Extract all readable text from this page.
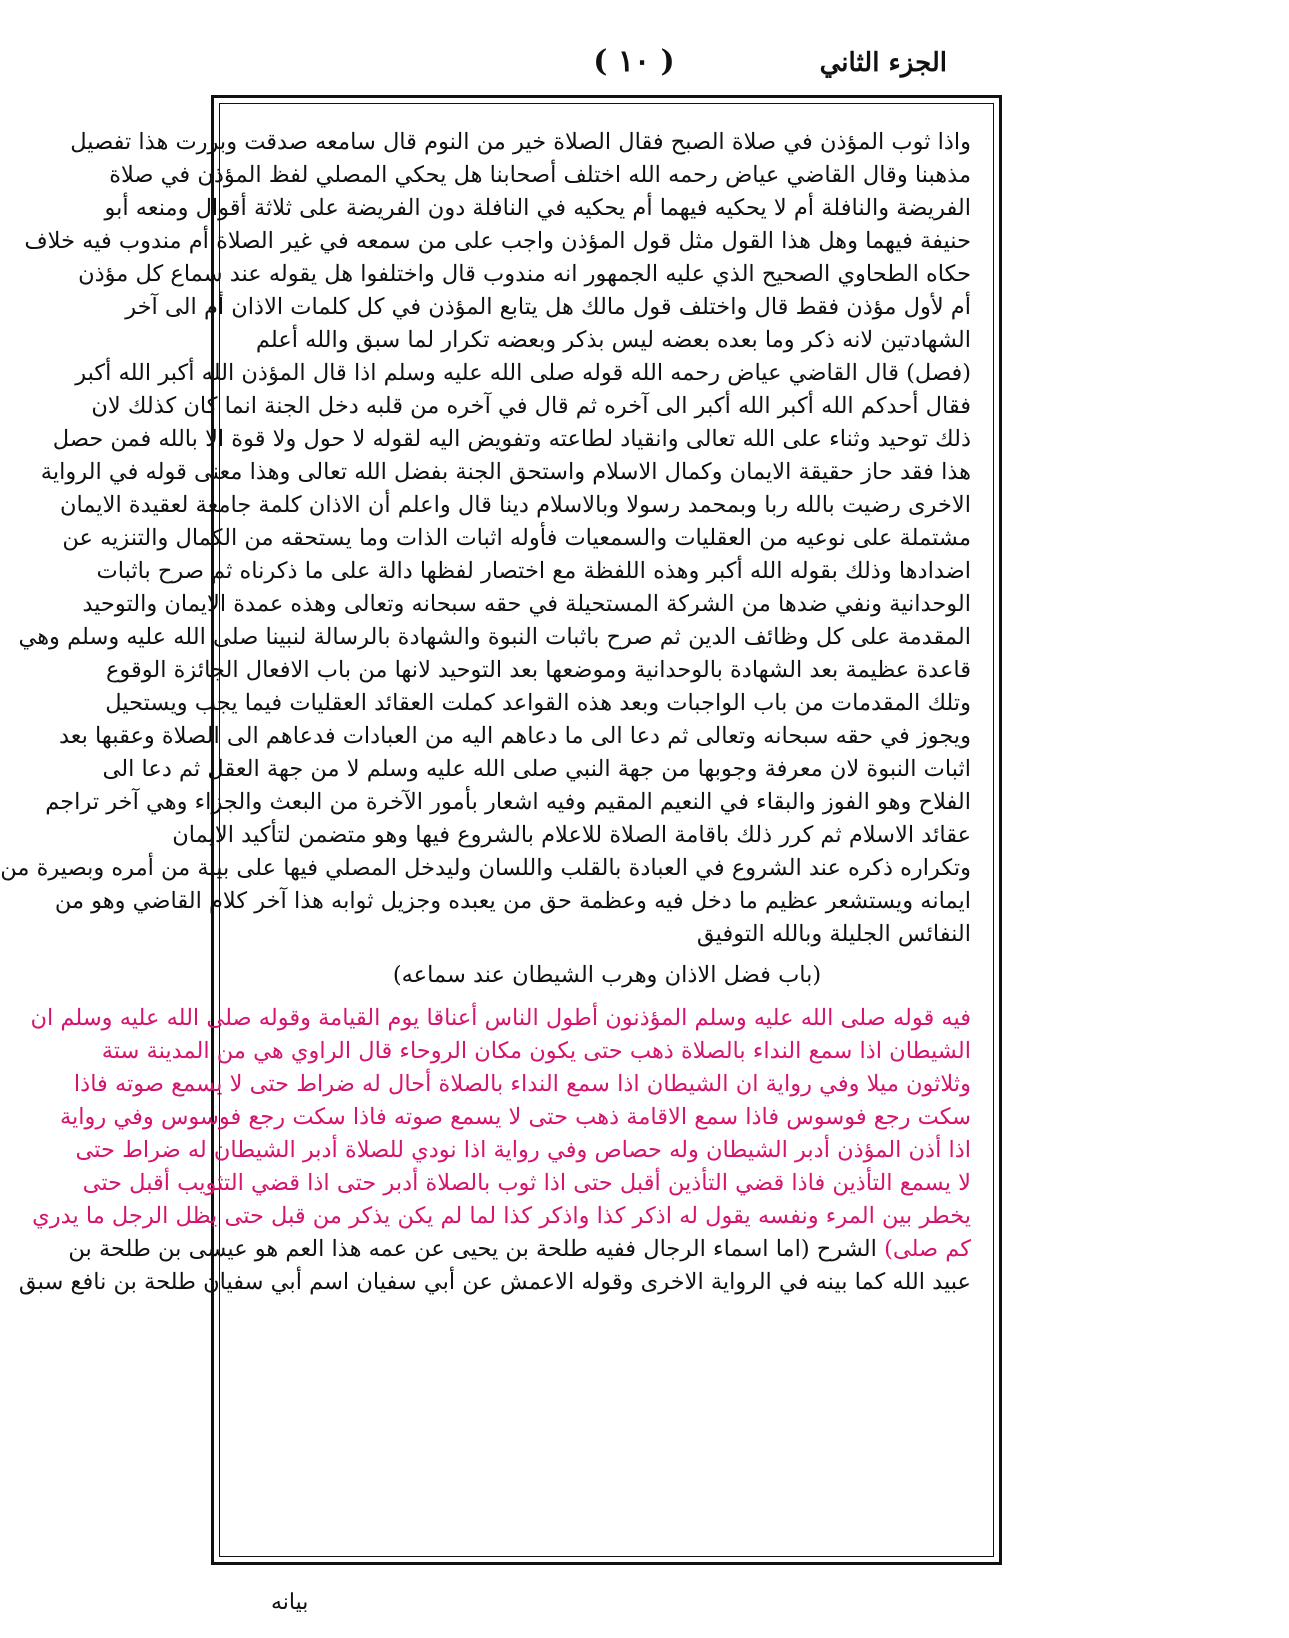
الجزء الثاني
( ١٠ )
واذا ثوب المؤذن في صلاة الصبح فقال الصلاة خير من النوم قال سامعه صدقت وبررت هذا تفصيل
مذهبنا وقال القاضي عياض رحمه الله اختلف أصحابنا هل يحكي المصلي لفظ المؤذن في صلاة
الفريضة والنافلة أم لا يحكيه فيهما أم يحكيه في النافلة دون الفريضة على ثلاثة أقوال ومنعه أبو
حنيفة فيهما وهل هذا القول مثل قول المؤذن واجب على من سمعه في غير الصلاة أم مندوب فيه خلاف
حكاه الطحاوي الصحيح الذي عليه الجمهور انه مندوب قال واختلفوا هل يقوله عند سماع كل مؤذن
أم لأول مؤذن فقط قال واختلف قول مالك هل يتابع المؤذن في كل كلمات الاذان أم الى آخر
الشهادتين لانه ذكر وما بعده بعضه ليس بذكر وبعضه تكرار لما سبق والله أعلم
(فصل) قال القاضي عياض رحمه الله قوله صلى الله عليه وسلم اذا قال المؤذن الله أكبر الله أكبر
فقال أحدكم الله أكبر الله أكبر الى آخره ثم قال في آخره من قلبه دخل الجنة انما كان كذلك لان
ذلك توحيد وثناء على الله تعالى وانقياد لطاعته وتفويض اليه لقوله لا حول ولا قوة الا بالله فمن حصل
هذا فقد حاز حقيقة الايمان وكمال الاسلام واستحق الجنة بفضل الله تعالى وهذا معنى قوله في الرواية
الاخرى رضيت بالله ربا وبمحمد رسولا وبالاسلام دينا قال واعلم أن الاذان كلمة جامعة لعقيدة الايمان
مشتملة على نوعيه من العقليات والسمعيات فأوله اثبات الذات وما يستحقه من الكمال والتنزيه عن
اضدادها وذلك بقوله الله أكبر وهذه اللفظة مع اختصار لفظها دالة على ما ذكرناه ثم صرح باثبات
الوحدانية ونفي ضدها من الشركة المستحيلة في حقه سبحانه وتعالى وهذه عمدة الايمان والتوحيد
المقدمة على كل وظائف الدين ثم صرح باثبات النبوة والشهادة بالرسالة لنبينا صلى الله عليه وسلم وهي
قاعدة عظيمة بعد الشهادة بالوحدانية وموضعها بعد التوحيد لانها من باب الافعال الجائزة الوقوع
وتلك المقدمات من باب الواجبات وبعد هذه القواعد كملت العقائد العقليات فيما يجب ويستحيل
ويجوز في حقه سبحانه وتعالى ثم دعا الى ما دعاهم اليه من العبادات فدعاهم الى الصلاة وعقبها بعد
اثبات النبوة لان معرفة وجوبها من جهة النبي صلى الله عليه وسلم لا من جهة العقل ثم دعا الى
الفلاح وهو الفوز والبقاء في النعيم المقيم وفيه اشعار بأمور الآخرة من البعث والجزاء وهي آخر تراجم
عقائد الاسلام ثم كرر ذلك باقامة الصلاة للاعلام بالشروع فيها وهو متضمن لتأكيد الايمان
وتكراره ذكره عند الشروع في العبادة بالقلب واللسان وليدخل المصلي فيها على بينة من أمره وبصيرة من
ايمانه ويستشعر عظيم ما دخل فيه وعظمة حق من يعبده وجزيل ثوابه هذا آخر كلام القاضي وهو من
النفائس الجليلة وبالله التوفيق
(باب فضل الاذان وهرب الشيطان عند سماعه)
فيه قوله صلى الله عليه وسلم المؤذنون أطول الناس أعناقا يوم القيامة وقوله صلى الله عليه وسلم ان
الشيطان اذا سمع النداء بالصلاة ذهب حتى يكون مكان الروحاء قال الراوي هي من المدينة ستة
وثلاثون ميلا وفي رواية ان الشيطان اذا سمع النداء بالصلاة أحال له ضراط حتى لا يسمع صوته فاذا
سكت رجع فوسوس فاذا سمع الاقامة ذهب حتى لا يسمع صوته فاذا سكت رجع فوسوس وفي رواية
اذا أذن المؤذن أدبر الشيطان وله حصاص وفي رواية اذا نودي للصلاة أدبر الشيطان له ضراط حتى
لا يسمع التأذين فاذا قضي التأذين أقبل حتى اذا ثوب بالصلاة أدبر حتى اذا قضي التثويب أقبل حتى
يخطر بين المرء ونفسه يقول له اذكر كذا واذكر كذا لما لم يكن يذكر من قبل حتى يظل الرجل ما يدري
كم صلى) الشرح (اما اسماء الرجال ففيه طلحة بن يحيى عن عمه هذا العم هو عيسى بن طلحة بن
عبيد الله كما بينه في الرواية الاخرى وقوله الاعمش عن أبي سفيان اسم أبي سفيان طلحة بن نافع سبق
بيانه
